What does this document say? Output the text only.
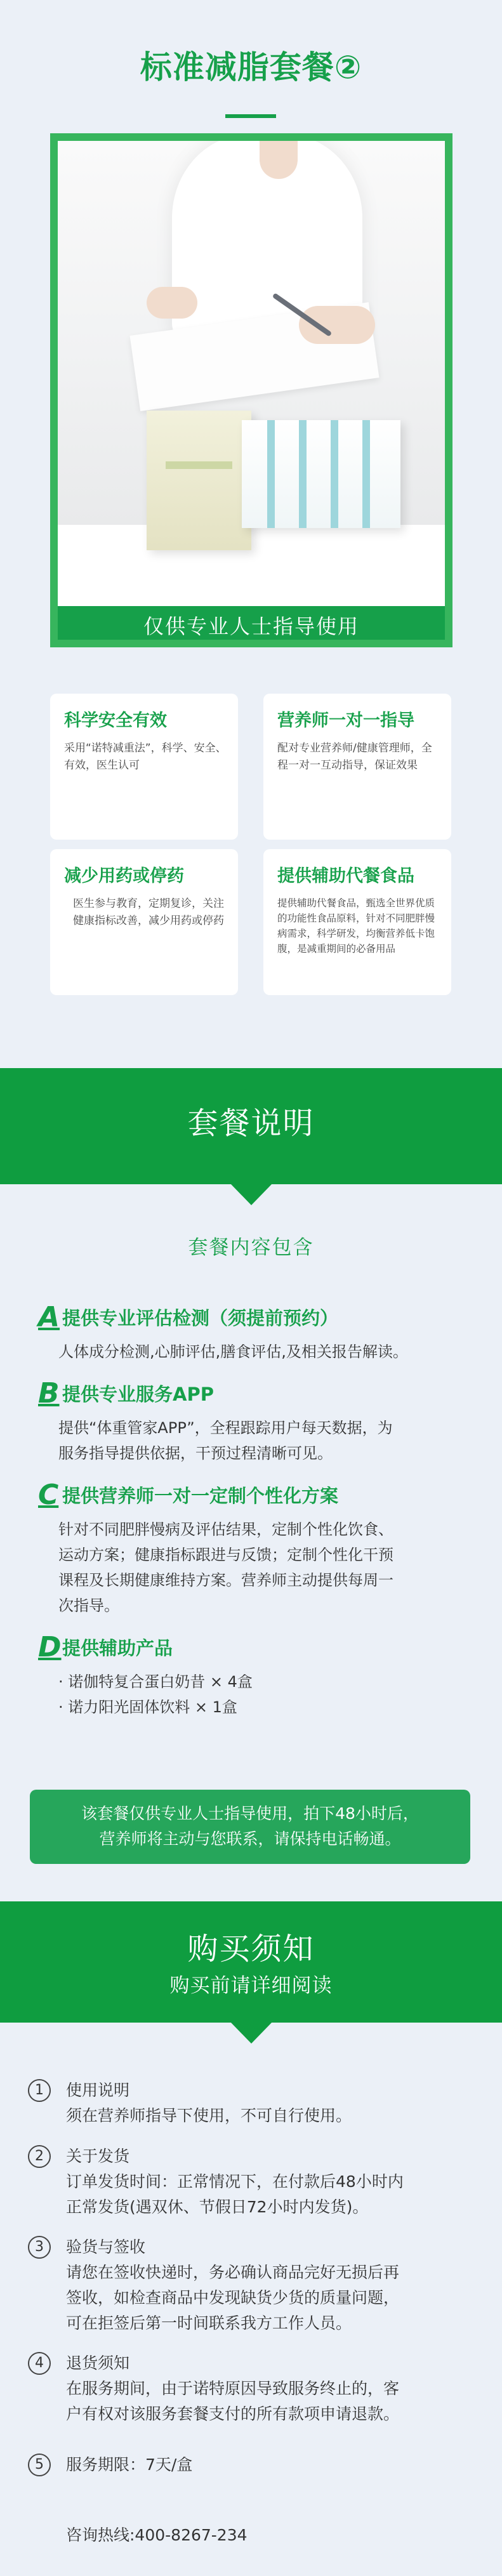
标准减脂套餐②
仅供专业人士指导使用
科学安全有效
采用“诺特减重法”，科学、安全、有效，医生认可
营养师一对一指导
配对专业营养师/健康管理师，全程一对一互动指导，保证效果
减少用药或停药
医生参与教育，定期复诊，关注健康指标改善，减少用药或停药
提供辅助代餐食品
提供辅助代餐食品，甄选全世界优质的功能性食品原料，针对不同肥胖慢病需求，科学研发，均衡营养低卡饱腹，是减重期间的必备用品
套餐说明
套餐内容包含
A 提供专业评估检测（须提前预约）
人体成分检测,心肺评估,膳食评估,及相关报告解读。
B 提供专业服务APP
提供“体重管家APP”，全程跟踪用户每天数据，为
服务指导提供依据，干预过程清晰可见。
C 提供营养师一对一定制个性化方案
针对不同肥胖慢病及评估结果，定制个性化饮食、
运动方案；健康指标跟进与反馈；定制个性化干预
课程及长期健康维持方案。营养师主动提供每周一
次指导。
D 提供辅助产品
· 诺伽特复合蛋白奶昔 × 4盒
· 诺力阳光固体饮料 × 1盒
该套餐仅供专业人士指导使用，拍下48小时后，
营养师将主动与您联系，请保持电话畅通。
购买须知
购买前请详细阅读
1	使用说明
须在营养师指导下使用，不可自行使用。
2	关于发货
订单发货时间：正常情况下，在付款后48小时内
正常发货(遇双休、节假日72小时内发货)。
3	验货与签收
请您在签收快递时，务必确认商品完好无损后再
签收，如检查商品中发现缺货少货的质量问题，
可在拒签后第一时间联系我方工作人员。
4	退货须知
在服务期间，由于诺特原因导致服务终止的，客
户有权对该服务套餐支付的所有款项申请退款。
5	服务期限：7天/盒
咨询热线:400-8267-234
